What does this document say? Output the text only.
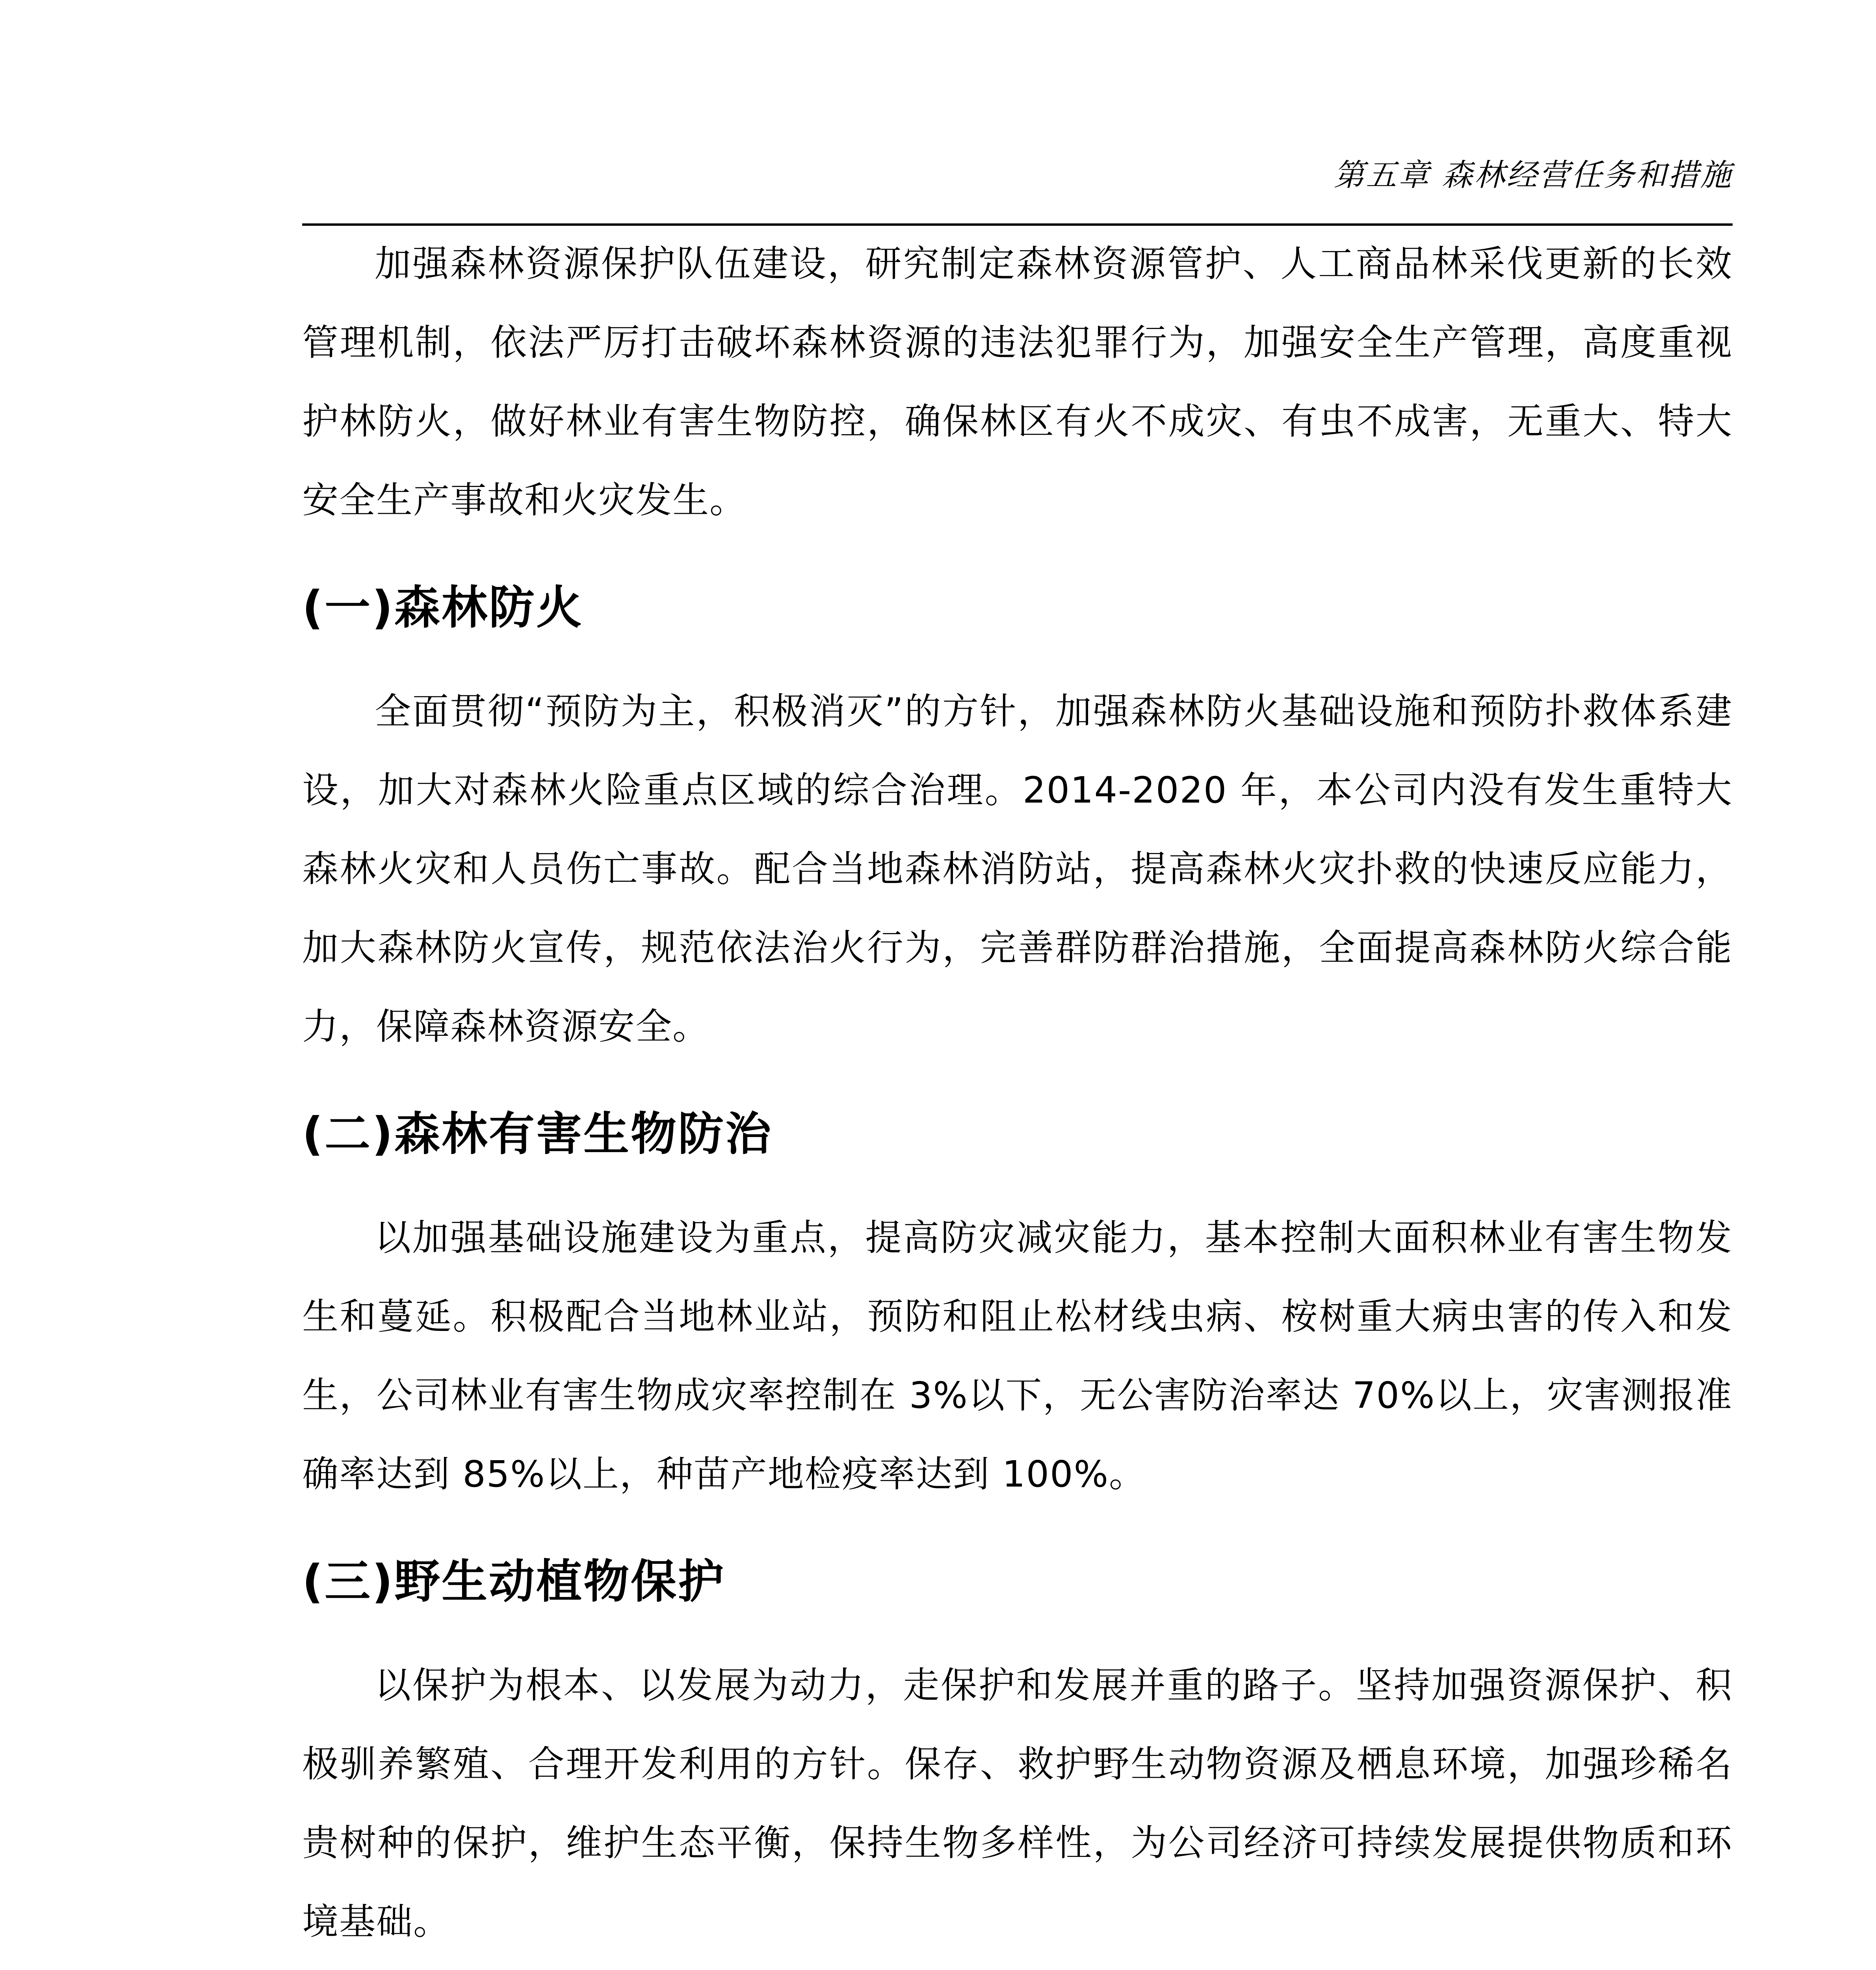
第五章 森林经营任务和措施

加强森林资源保护队伍建设，研究制定森林资源管护、人工商品林采伐更新的长效管理机制，依法严厉打击破坏森林资源的违法犯罪行为，加强安全生产管理，高度重视护林防火，做好林业有害生物防控，确保林区有火不成灾、有虫不成害，无重大、特大安全生产事故和火灾发生。

(一)森林防火

全面贯彻“预防为主，积极消灭”的方针，加强森林防火基础设施和预防扑救体系建设，加大对森林火险重点区域的综合治理。2014-2020 年，本公司内没有发生重特大森林火灾和人员伤亡事故。配合当地森林消防站，提高森林火灾扑救的快速反应能力，加大森林防火宣传，规范依法治火行为，完善群防群治措施，全面提高森林防火综合能力，保障森林资源安全。

(二)森林有害生物防治

以加强基础设施建设为重点，提高防灾减灾能力，基本控制大面积林业有害生物发生和蔓延。积极配合当地林业站，预防和阻止松材线虫病、桉树重大病虫害的传入和发生，公司林业有害生物成灾率控制在 3%以下，无公害防治率达 70%以上，灾害测报准确率达到 85%以上，种苗产地检疫率达到 100%。

(三)野生动植物保护

以保护为根本、以发展为动力，走保护和发展并重的路子。坚持加强资源保护、积极驯养繁殖、合理开发利用的方针。保存、救护野生动物资源及栖息环境，加强珍稀名贵树种的保护，维护生态平衡，保持生物多样性，为公司经济可持续发展提供物质和环境基础。
